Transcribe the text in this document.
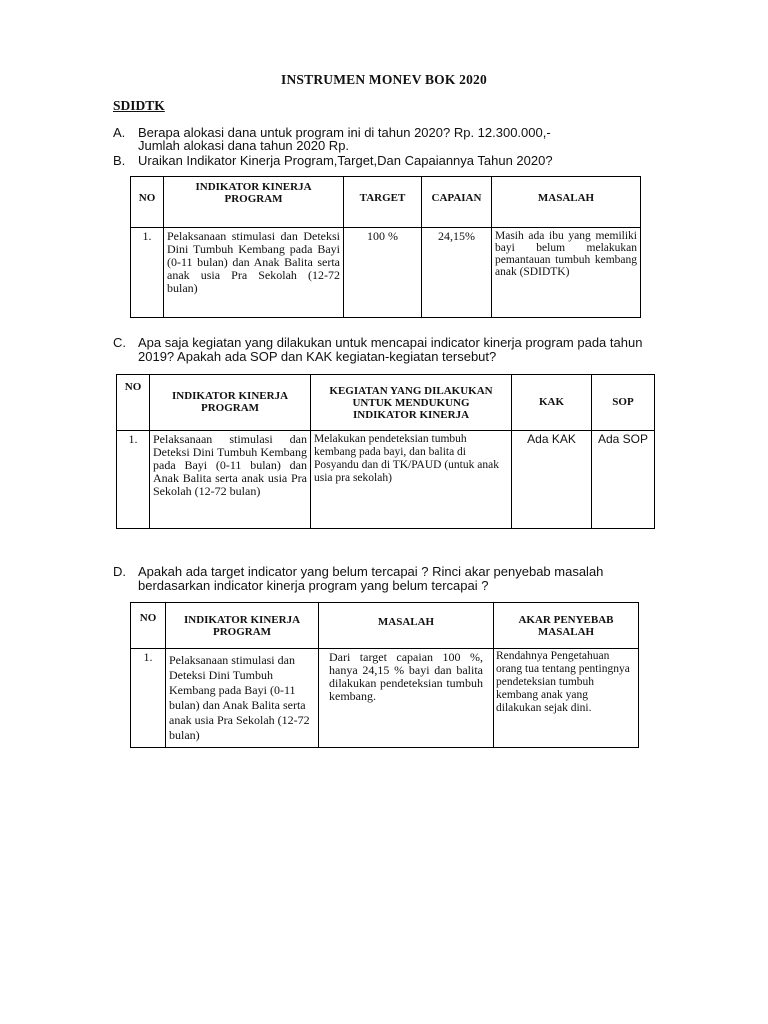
INSTRUMEN MONEV BOK 2020
SDIDTK
A. Berapa alokasi dana untuk program ini di tahun 2020? Rp. 12.300.000,-
Jumlah alokasi dana tahun 2020 Rp.
B. Uraikan Indikator Kinerja Program,Target,Dan Capaiannya Tahun 2020?
NO	INDIKATOR KINERJA PROGRAM	TARGET	CAPAIAN	MASALAH
1.	Pelaksanaan stimulasi dan Deteksi Dini Tumbuh Kembang pada Bayi (0-11 bulan) dan Anak Balita serta anak usia Pra Sekolah (12-72 bulan)	100 %	24,15%	Masih ada ibu yang memiliki bayi belum melakukan pemantauan tumbuh kembang anak (SDIDTK)
C. Apa saja kegiatan yang dilakukan untuk mencapai indicator kinerja program pada tahun
2019? Apakah ada SOP dan KAK kegiatan-kegiatan tersebut?
NO	INDIKATOR KINERJA PROGRAM	KEGIATAN YANG DILAKUKAN UNTUK MENDUKUNG INDIKATOR KINERJA	KAK	SOP
1.	Pelaksanaan stimulasi dan Deteksi Dini Tumbuh Kembang pada Bayi (0-11 bulan) dan Anak Balita serta anak usia Pra Sekolah (12-72 bulan)	Melakukan pendeteksian tumbuh kembang pada bayi, dan balita di Posyandu dan di TK/PAUD (untuk anak usia pra sekolah)	Ada KAK	Ada SOP
D. Apakah ada target indicator yang belum tercapai ? Rinci akar penyebab masalah
berdasarkan indicator kinerja program yang belum tercapai ?
NO	INDIKATOR KINERJA PROGRAM	MASALAH	AKAR PENYEBAB MASALAH
1.	Pelaksanaan stimulasi dan Deteksi Dini Tumbuh Kembang pada Bayi (0-11 bulan) dan Anak Balita serta anak usia Pra Sekolah (12-72 bulan)	Dari target capaian 100 %, hanya 24,15 % bayi dan balita dilakukan pendeteksian tumbuh kembang.	Rendahnya Pengetahuan orang tua tentang pentingnya pendeteksian tumbuh kembang anak yang dilakukan sejak dini.
